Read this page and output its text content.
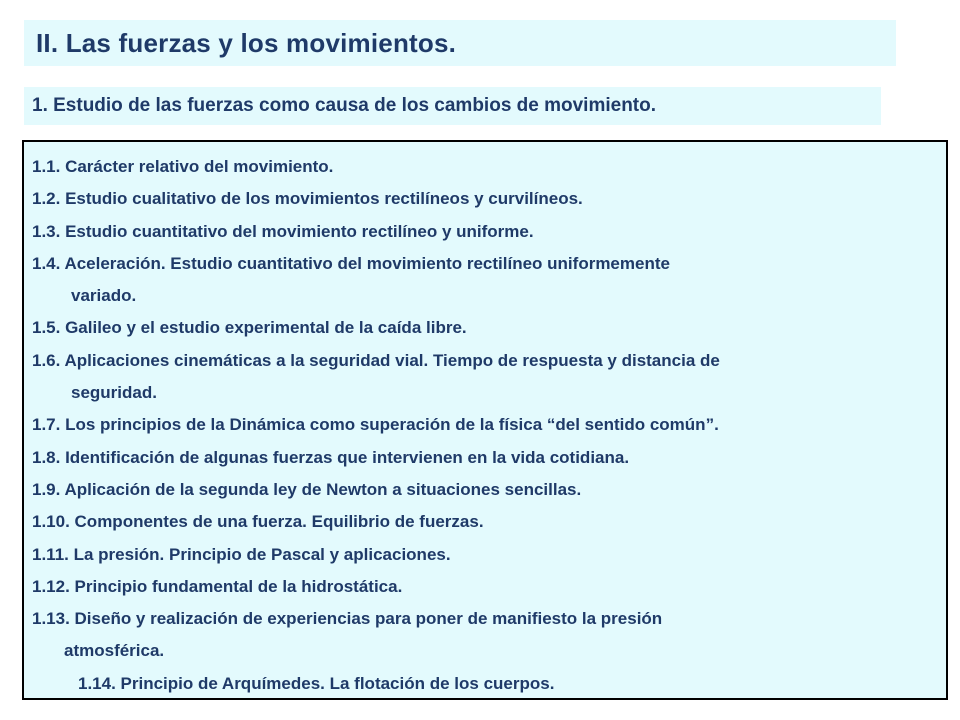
II. Las fuerzas y los movimientos.
1. Estudio de las fuerzas como causa de los cambios de movimiento.
1.1. Carácter relativo del movimiento.
1.2. Estudio cualitativo de los movimientos rectilíneos y curvilíneos.
1.3. Estudio cuantitativo del movimiento rectilíneo y uniforme.
1.4. Aceleración. Estudio cuantitativo del movimiento rectilíneo uniformemente
variado.
1.5. Galileo y el estudio experimental de la caída libre.
1.6. Aplicaciones cinemáticas a la seguridad vial. Tiempo de respuesta y distancia de
seguridad.
1.7. Los principios de la Dinámica como superación de la física “del sentido común”.
1.8. Identificación de algunas fuerzas que intervienen en la vida cotidiana.
1.9. Aplicación de la segunda ley de Newton a situaciones sencillas.
1.10. Componentes de una fuerza. Equilibrio de fuerzas.
1.11. La presión. Principio de Pascal y aplicaciones.
1.12. Principio fundamental de la hidrostática.
1.13. Diseño y realización de experiencias para poner de manifiesto la presión
atmosférica.
1.14. Principio de Arquímedes. La flotación de los cuerpos.
